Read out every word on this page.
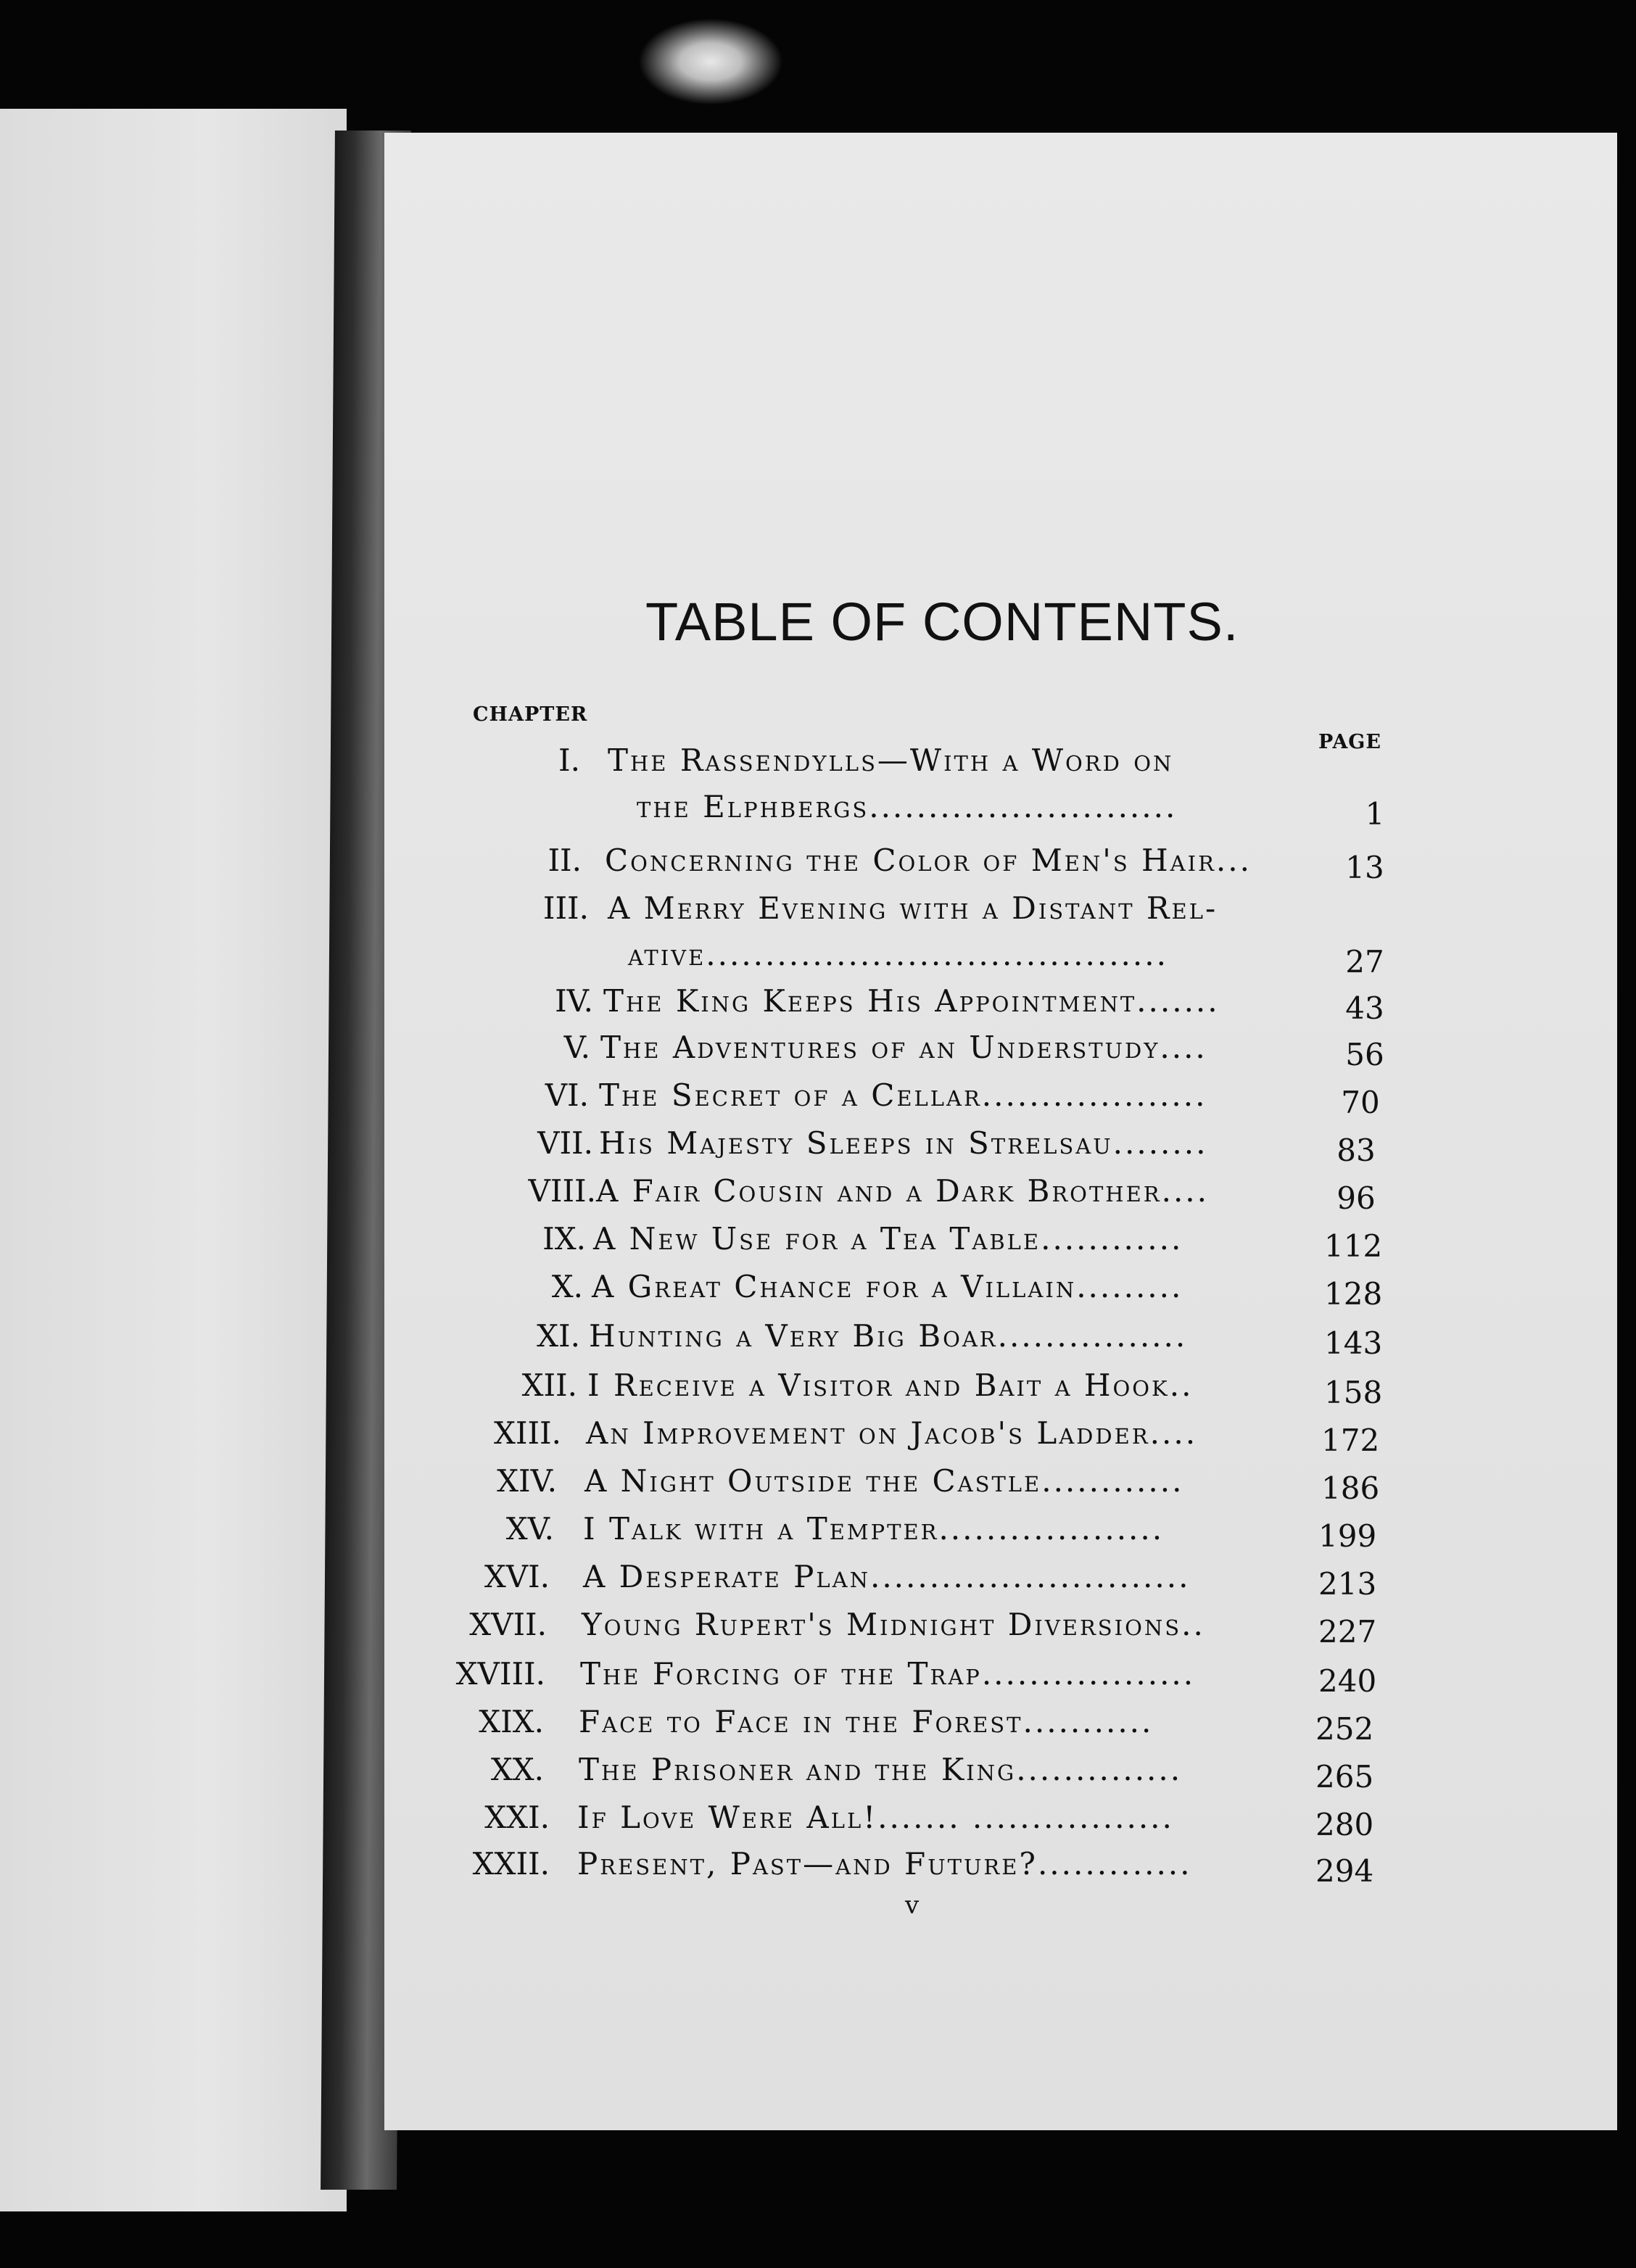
TABLE OF CONTENTS.
CHAPTER
PAGE
I. The Rassendylls—With a Word on
the Elphbergs..........................	1
II. Concerning the Color of Men's Hair...	13
III. A Merry Evening with a Distant Rel-
ative.......................................	27
IV. The King Keeps His Appointment.......	43
V. The Adventures of an Understudy....	56
VI. The Secret of a Cellar...................	70
VII. His Majesty Sleeps in Strelsau........	83
VIII. A Fair Cousin and a Dark Brother....	96
IX. A New Use for a Tea Table............	112
X. A Great Chance for a Villain.........	128
XI. Hunting a Very Big Boar................	143
XII. I Receive a Visitor and Bait a Hook..	158
XIII. An Improvement on Jacob's Ladder....	172
XIV. A Night Outside the Castle............	186
XV. I Talk with a Tempter...................	199
XVI. A Desperate Plan...........................	213
XVII. Young Rupert's Midnight Diversions..	227
XVIII. The Forcing of the Trap..................	240
XIX. Face to Face in the Forest...........	252
XX. The Prisoner and the King..............	265
XXI. If Love Were All!....... .................	280
XXII. Present, Past—and Future?.............	294
v
